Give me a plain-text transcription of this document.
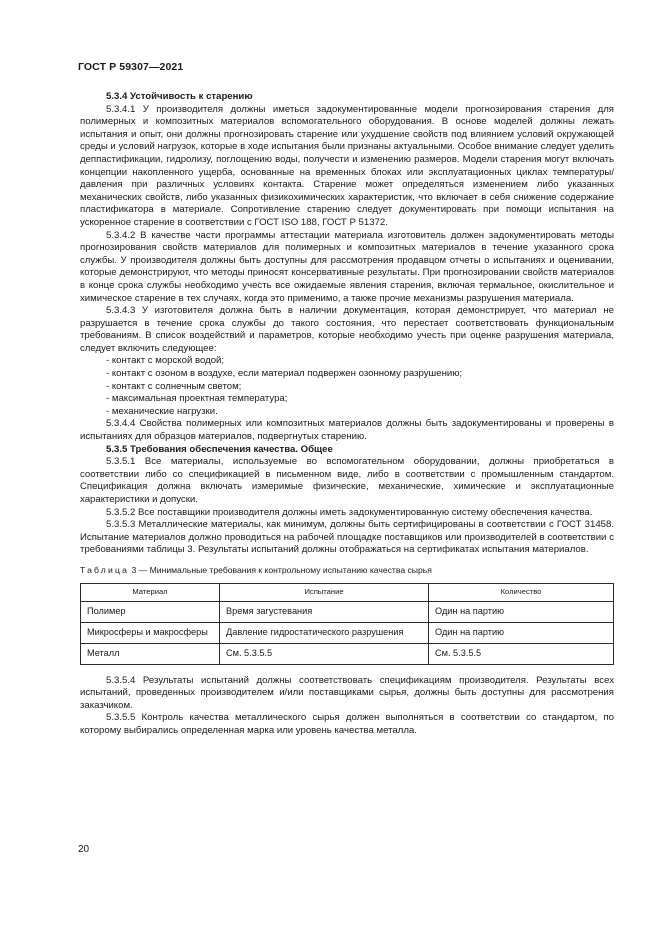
ГОСТ Р 59307—2021

5.3.4 Устойчивость к старению

5.3.4.1 У производителя должны иметься задокументированные модели прогнозирования старения для полимерных и композитных материалов вспомогательного оборудования. В основе моделей должны лежать испытания и опыт, они должны прогнозировать старение или ухудшение свойств под влиянием условий окружающей среды и условий нагрузок, которые в ходе испытания были признаны актуальными. Особое внимание следует уделить деппастификации, гидролизу, поглощению воды, получести и изменению размеров. Модели старения могут включать концепции накопленного ущерба, основанные на временных блоках или эксплуатационных циклах температуры/давления при различных условиях контакта. Старение может определяться изменением либо указанных механических свойств, либо указанных физикохимических характеристик, что включает в себя снижение содержание пластификатора в материале. Сопротивление старению следует документировать при помощи испытания на ускоренное старение в соответствии с ГОСТ ISO 188, ГОСТ Р 51372.

5.3.4.2 В качестве части программы аттестации материала изготовитель должен задокументировать методы прогнозирования свойств материалов для полимерных и композитных материалов в течение указанного срока службы. У производителя должны быть доступны для рассмотрения продавцом отчеты о испытаниях и оценивании, которые демонстрируют, что методы приносят консервативные результаты. При прогнозировании свойств материалов в конце срока службы необходимо учесть все ожидаемые явления старения, включая термальное, окислительное и химическое старение в тех случаях, когда это применимо, а также прочие механизмы разрушения материала.

5.3.4.3 У изготовителя должна быть в наличии документация, которая демонстрирует, что материал не разрушается в течение срока службы до такого состояния, что перестает соответствовать функциональным требованиям. В список воздействий и параметров, которые необходимо учесть при оценке разрушения материала, следует включить следующее:

- контакт с морской водой;

- контакт с озоном в воздухе, если материал подвержен озонному разрушению;

- контакт с солнечным светом;

- максимальная проектная температура;

- механические нагрузки.

5.3.4.4 Свойства полимерных или композитных материалов должны быть задокументированы и проверены в испытаниях для образцов материалов, подвергнутых старению.

5.3.5 Требования обеспечения качества. Общее

5.3.5.1 Все материалы, используемые во вспомогательном оборудовании, должны приобретаться в соответствии либо со спецификацией в письменном виде, либо в соответствии с промышленным стандартом. Спецификация должна включать измеримые физические, механические, химические и эксплуатационные характеристики и допуски.

5.3.5.2 Все поставщики производителя должны иметь задокументированную систему обеспечения качества.

5.3.5.3 Металлические материалы, как минимум, должны быть сертифицированы в соответствии с ГОСТ 31458. Испытание материалов должно проводиться на рабочей площадке поставщиков или производителей в соответствии с требованиями таблицы 3. Результаты испытаний должны отображаться на сертификатах испытания материалов.

Таблица 3 — Минимальные требования к контрольному испытанию качества сырья

Материал	Испытание	Количество
Полимер	Время загустевания	Один на партию
Микросферы и макросферы	Давление гидростатического разрушения	Один на партию
Металл	См. 5.3.5.5	См. 5.3.5.5

5.3.5.4 Результаты испытаний должны соответствовать спецификациям производителя. Результаты всех испытаний, проведенных производителем и/или поставщиками сырья, должны быть доступны для рассмотрения заказчиком.

5.3.5.5 Контроль качества металлического сырья должен выполняться в соответствии со стандартом, по которому выбирались определенная марка или уровень качества металла.

20
